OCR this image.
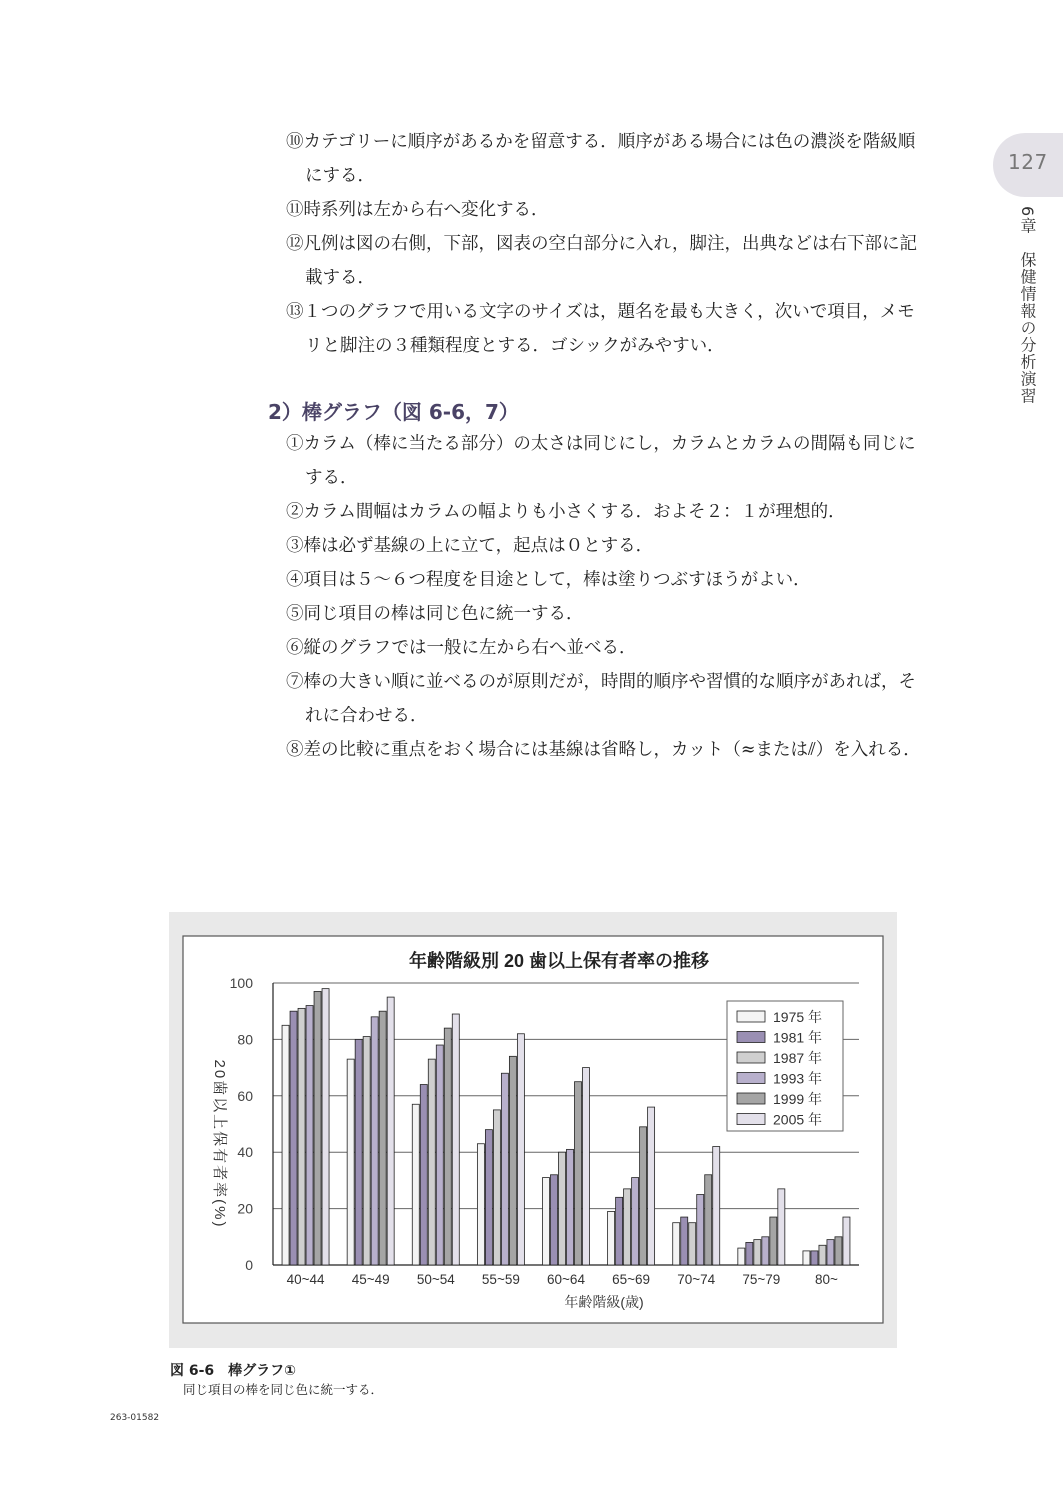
127
6章　保健情報の分析演習
⑩カテゴリーに順序があるかを留意する．順序がある場合には色の濃淡を階級順
にする．
⑪時系列は左から右へ変化する．
⑫凡例は図の右側，下部，図表の空白部分に入れ，脚注，出典などは右下部に記
載する．
⑬１つのグラフで用いる文字のサイズは，題名を最も大きく，次いで項目，メモ
リと脚注の３種類程度とする．ゴシックがみやすい．
2）棒グラフ（図 6-6，7）
①カラム（棒に当たる部分）の太さは同じにし，カラムとカラムの間隔も同じに
する．
②カラム間幅はカラムの幅よりも小さくする．およそ２：１が理想的．
③棒は必ず基線の上に立て，起点は０とする．
④項目は５～６つ程度を目途として，棒は塗りつぶすほうがよい．
⑤同じ項目の棒は同じ色に統一する．
⑥縦のグラフでは一般に左から右へ並べる．
⑦棒の大きい順に並べるのが原則だが，時間的順序や習慣的な順序があれば，そ
れに合わせる．
⑧差の比較に重点をおく場合には基線は省略し，カット（≈または⫽）を入れる．
年齢階級別 20 歯以上保有者率の推移
0
20
40
60
80
100
40~44 45~49 50~54 55~59 60~64 65~69 70~74 75~79	80~
年齢階級(歳)
20歯以上保有者率(%)
1975 年
1981 年
1987 年
1993 年
1999 年
2005 年
図 6-6　棒グラフ①
同じ項目の棒を同じ色に統一する．
263-01582
